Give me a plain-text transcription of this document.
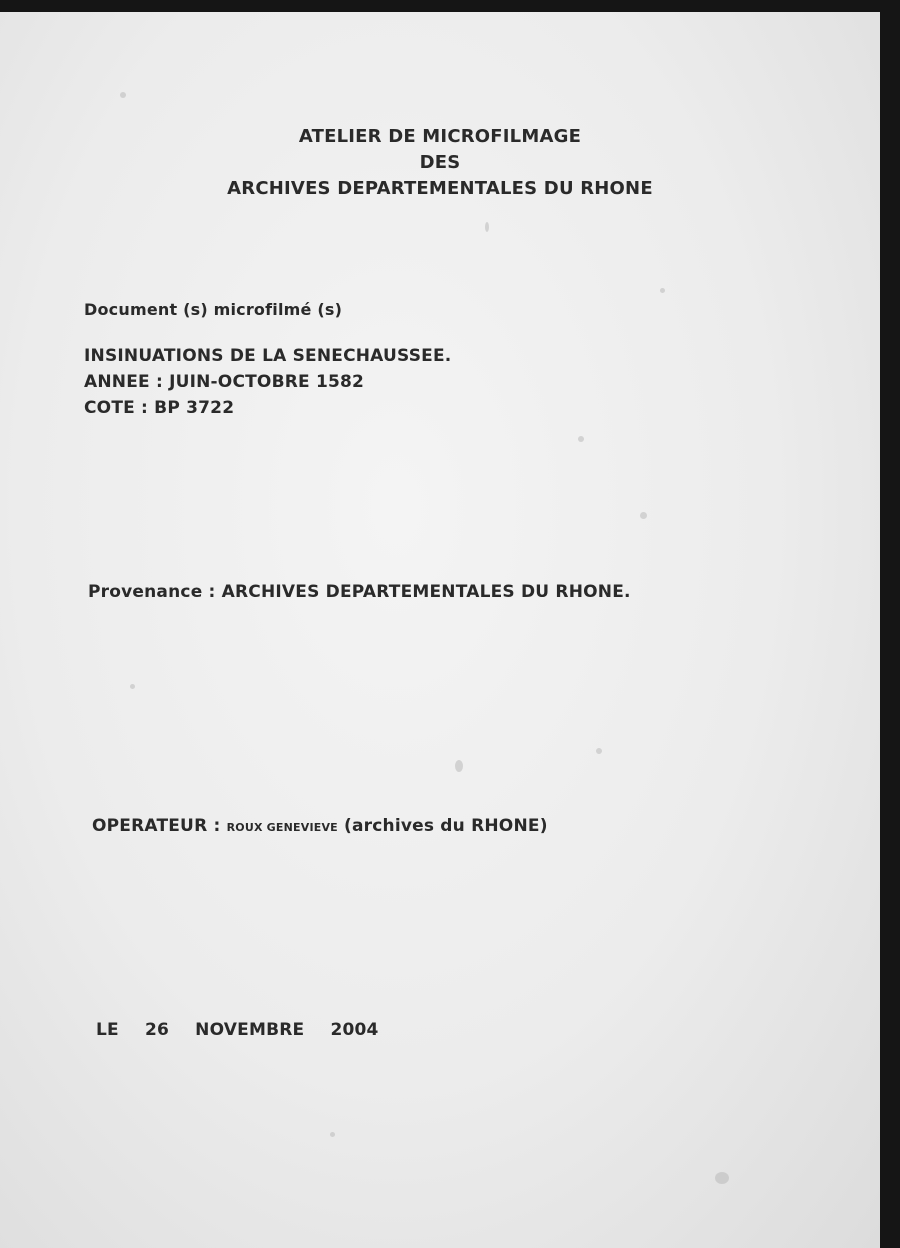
ATELIER DE MICROFILMAGE
DES
ARCHIVES DEPARTEMENTALES DU RHONE
Document (s) microfilmé (s)
INSINUATIONS DE LA SENECHAUSSEE.
ANNEE : JUIN-OCTOBRE 1582
COTE : BP 3722
Provenance : ARCHIVES DEPARTEMENTALES DU RHONE.
OPERATEUR : ROUX GENEVIEVE (archives du RHONE)
LE 26 NOVEMBRE 2004
